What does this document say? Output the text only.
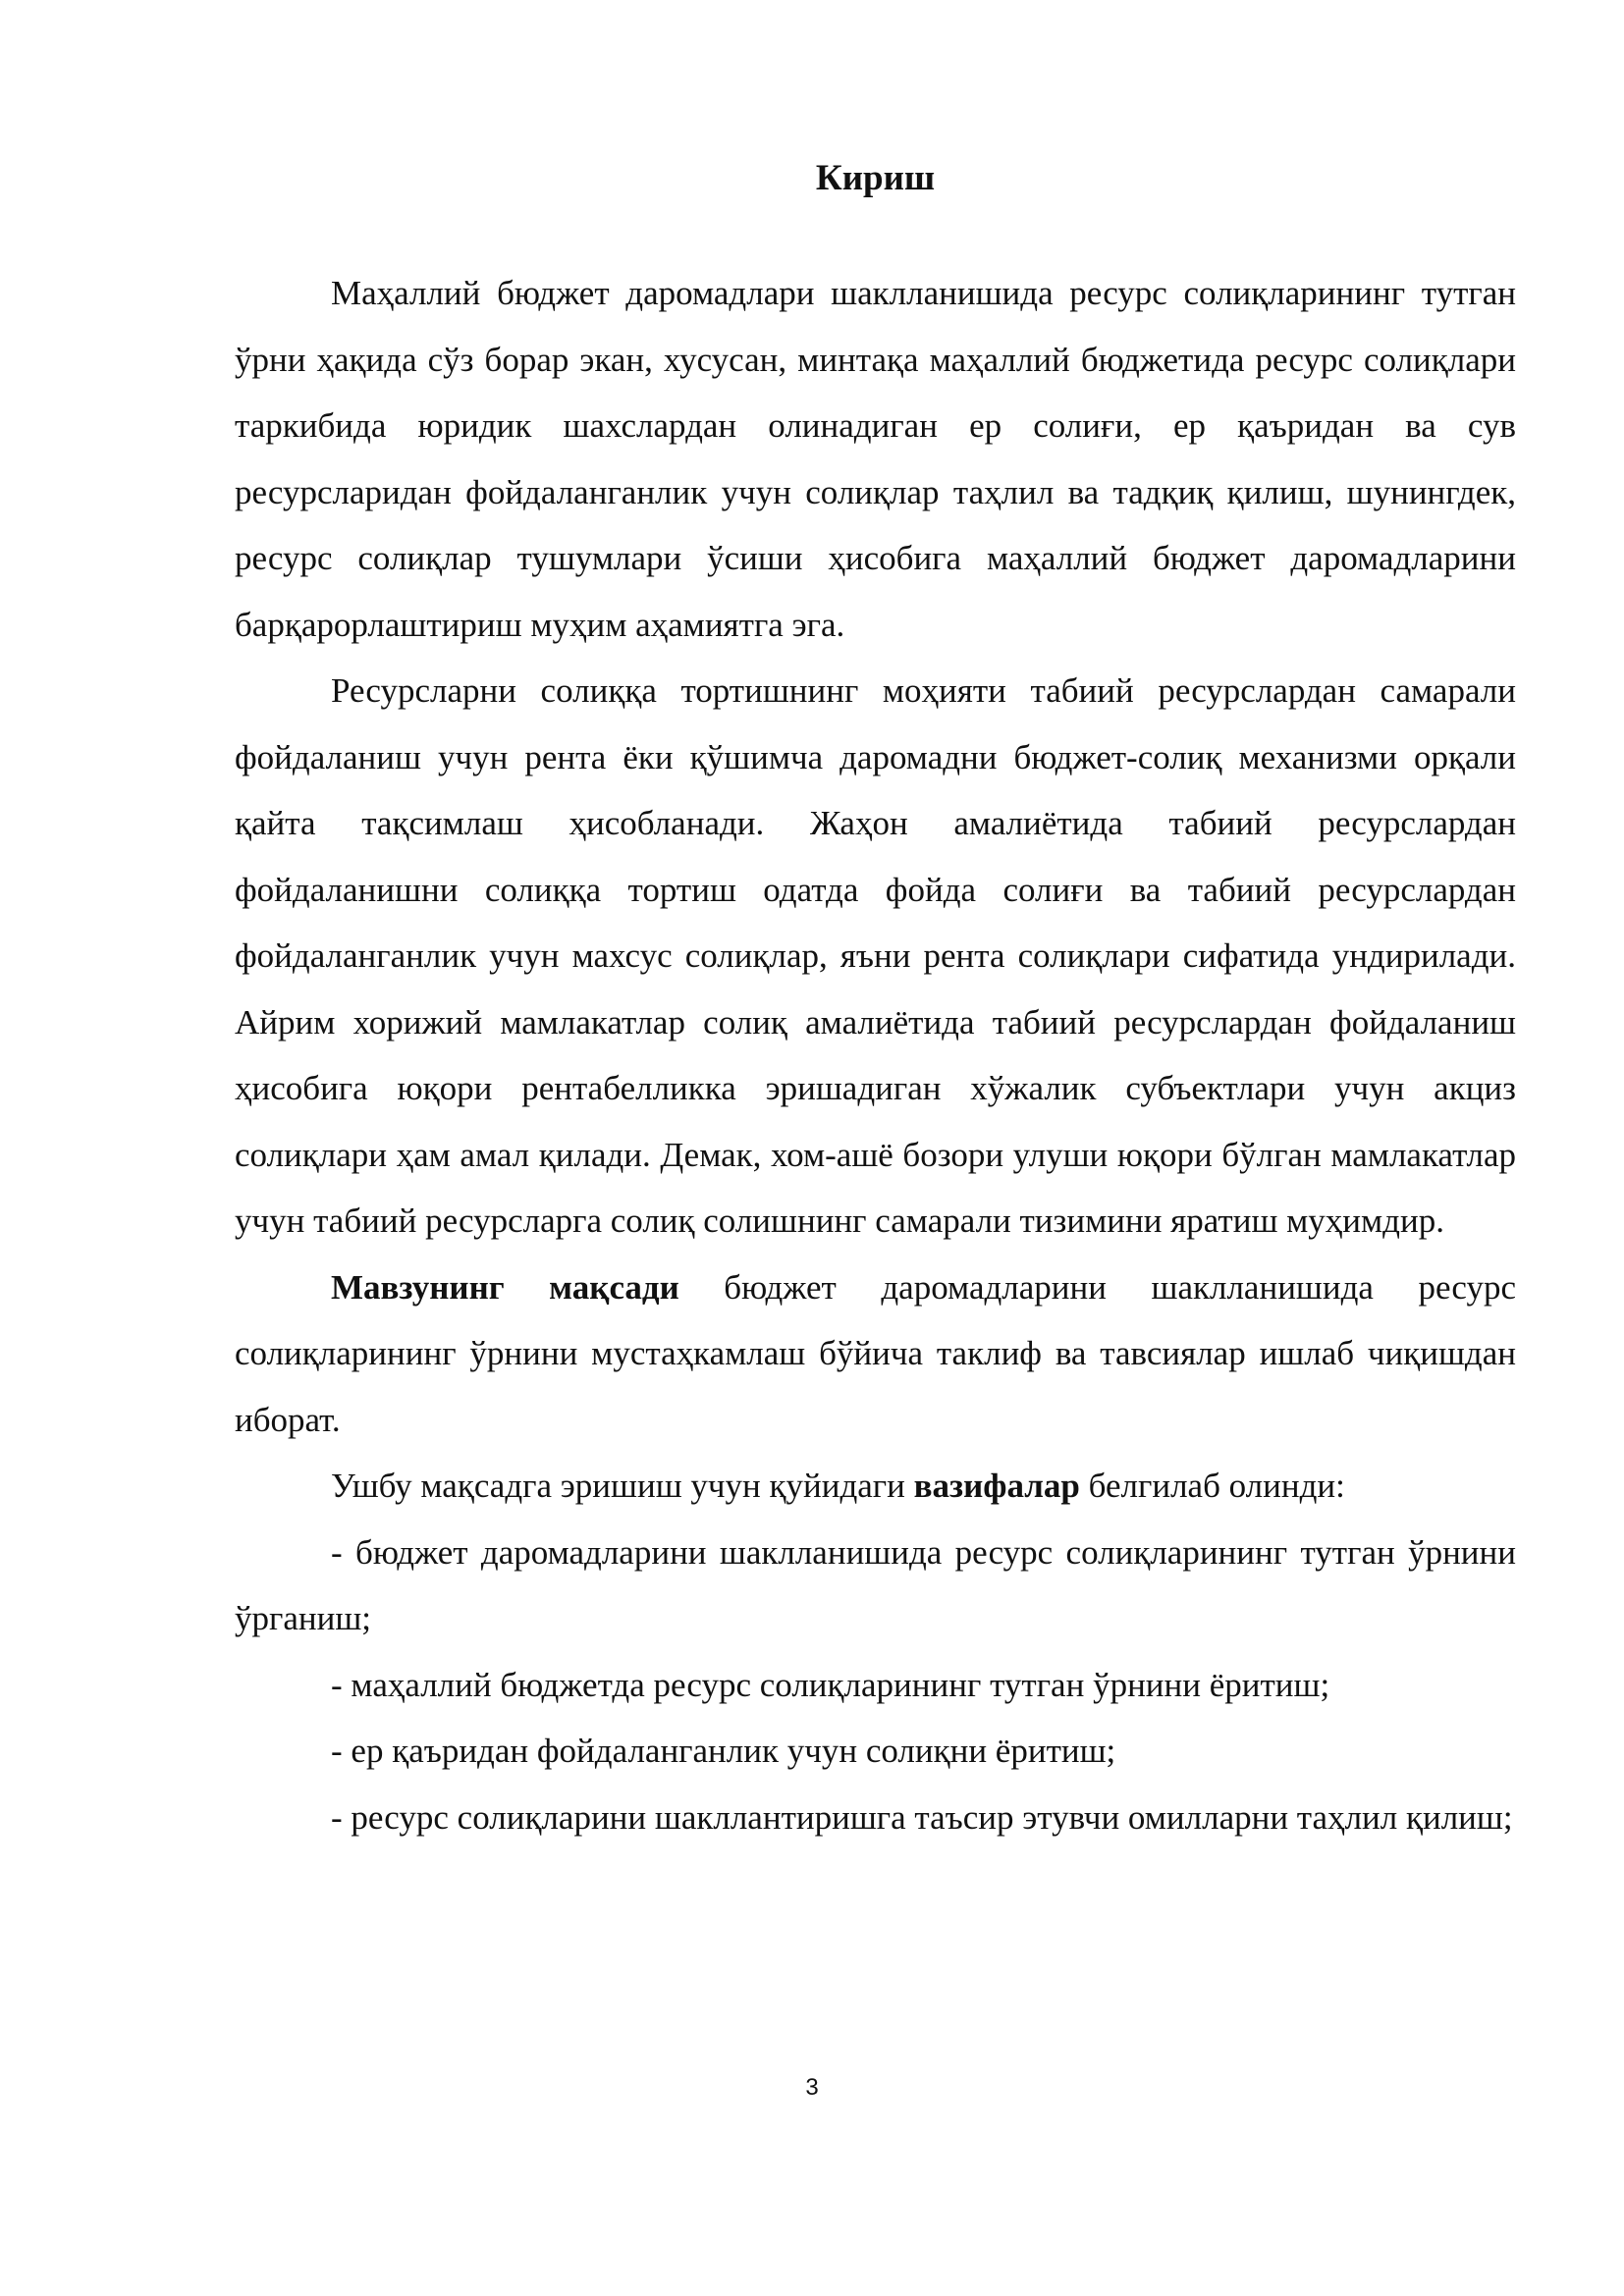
Кириш

Маҳаллий бюджет даромадлари шаклланишида ресурс солиқларининг тутган ўрни ҳақида сўз борар экан, хусусан, минтақа маҳаллий бюджетида ресурс солиқлари таркибида юридик шахслардан олинадиган ер солиғи, ер қаъридан ва сув ресурсларидан фойдаланганлик учун солиқлар таҳлил ва тадқиқ қилиш, шунингдек, ресурс солиқлар тушумлари ўсиши ҳисобига маҳаллий бюджет даромадларини барқарорлаштириш муҳим аҳамиятга эга.

Ресурсларни солиққа тортишнинг моҳияти табиий ресурслардан самарали фойдаланиш учун рента ёки қўшимча даромадни бюджет-солиқ механизми орқали қайта тақсимлаш ҳисобланади. Жаҳон амалиётида табиий ресурслардан фойдаланишни солиққа тортиш одатда фойда солиғи ва табиий ресурслардан фойдаланганлик учун махсус солиқлар, яъни рента солиқлари сифатида ундирилади. Айрим хорижий мамлакатлар солиқ амалиётида табиий ресурслардан фойдаланиш ҳисобига юқори рентабелликка эришадиган хўжалик субъектлари учун акциз солиқлари ҳам амал қилади. Демак, хом-ашё бозори улуши юқори бўлган мамлакатлар учун табиий ресурсларга солиқ солишнинг самарали тизимини яратиш муҳимдир.

Мавзунинг мақсади бюджет даромадларини шаклланишида ресурс солиқларининг ўрнини мустаҳкамлаш бўйича таклиф ва тавсиялар ишлаб чиқишдан иборат.

Ушбу мақсадга эришиш учун қуйидаги вазифалар белгилаб олинди:

- бюджет даромадларини шаклланишида ресурс солиқларининг тутган ўрнини ўрганиш;

- маҳаллий бюджетда ресурс солиқларининг тутган ўрнини ёритиш;

- ер қаъридан фойдаланганлик учун солиқни ёритиш;

- ресурс солиқларини шакллантиришга таъсир этувчи омилларни таҳлил қилиш;

3
